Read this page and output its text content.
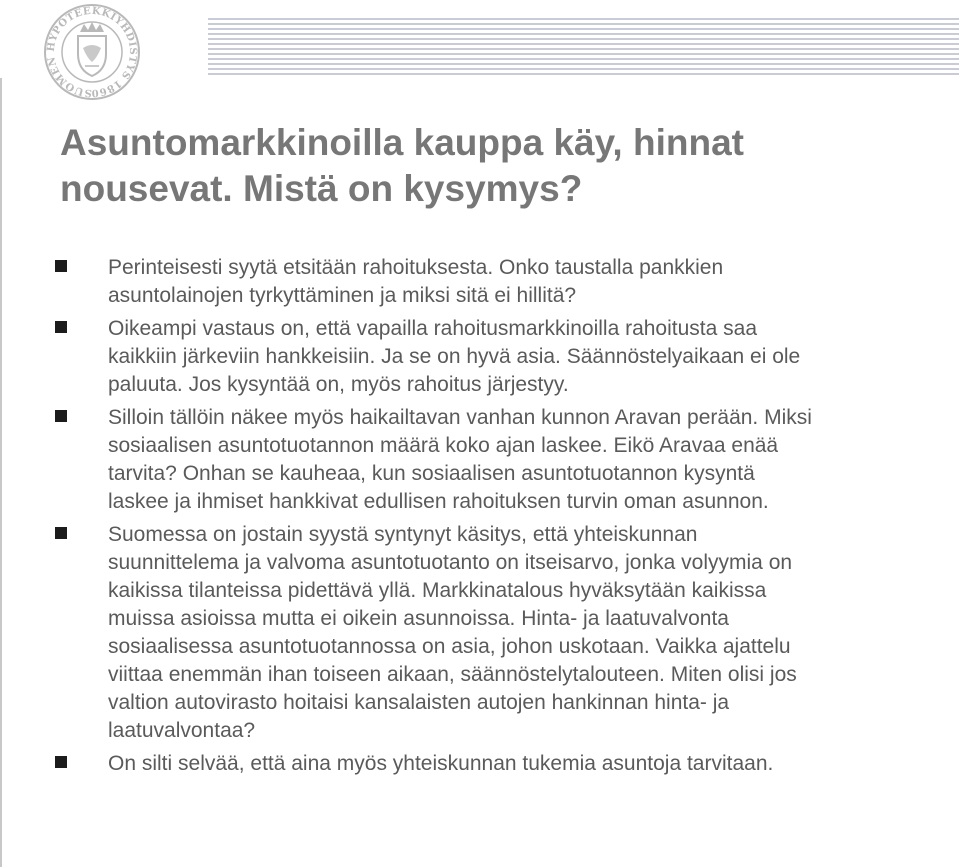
SUOMEN HYPOTEEKKIYHDISTYS 1860
Asuntomarkkinoilla kauppa käy, hinnat
nousevat. Mistä on kysymys?
Perinteisesti syytä etsitään rahoituksesta. Onko taustalla pankkien
asuntolainojen tyrkyttäminen ja miksi sitä ei hillitä?
Oikeampi vastaus on, että vapailla rahoitusmarkkinoilla rahoitusta saa
kaikkiin järkeviin hankkeisiin. Ja se on hyvä asia. Säännöstelyaikaan ei ole
paluuta. Jos kysyntää on, myös rahoitus järjestyy.
Silloin tällöin näkee myös haikailtavan vanhan kunnon Aravan perään. Miksi
sosiaalisen asuntotuotannon määrä koko ajan laskee. Eikö Aravaa enää
tarvita? Onhan se kauheaa, kun sosiaalisen asuntotuotannon kysyntä
laskee ja ihmiset hankkivat edullisen rahoituksen turvin oman asunnon.
Suomessa on jostain syystä syntynyt käsitys, että yhteiskunnan
suunnittelema ja valvoma asuntotuotanto on itseisarvo, jonka volyymia on
kaikissa tilanteissa pidettävä yllä. Markkinatalous hyväksytään kaikissa
muissa asioissa mutta ei oikein asunnoissa. Hinta- ja laatuvalvonta
sosiaalisessa asuntotuotannossa on asia, johon uskotaan. Vaikka ajattelu
viittaa enemmän ihan toiseen aikaan, säännöstelytalouteen. Miten olisi jos
valtion autovirasto hoitaisi kansalaisten autojen hankinnan hinta- ja
laatuvalvontaa?
On silti selvää, että aina myös yhteiskunnan tukemia asuntoja tarvitaan.
